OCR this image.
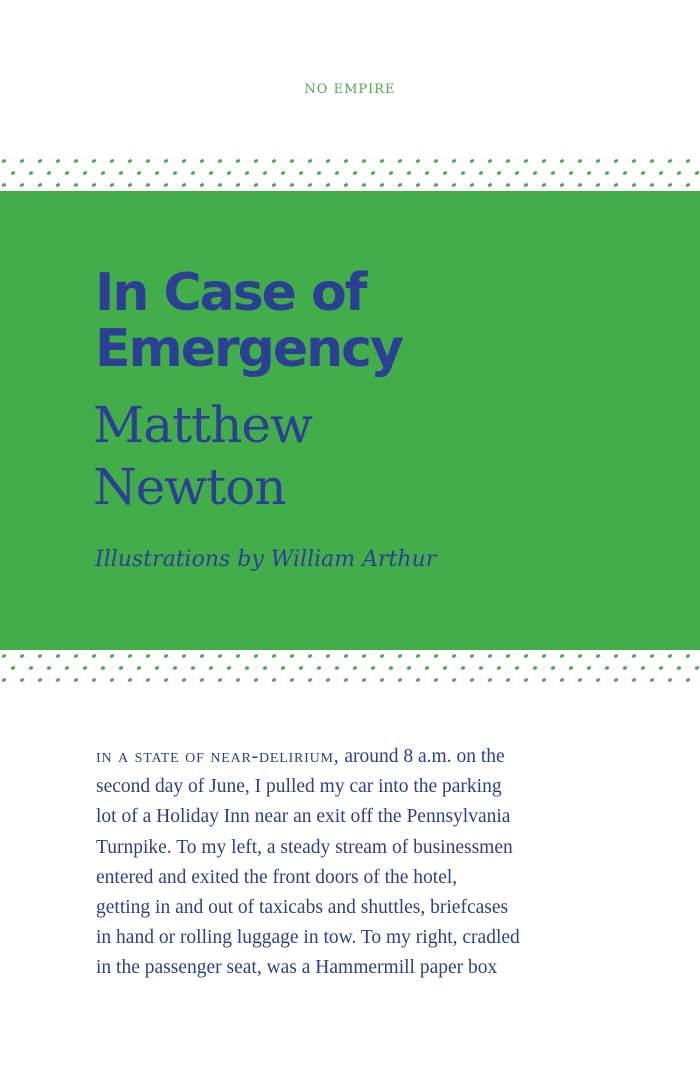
NO EMPIRE
In Case of
Emergency
Matthew
Newton
Illustrations by William Arthur

in a state of near-delirium, around 8 a.m. on the
second day of June, I pulled my car into the parking
lot of a Holiday Inn near an exit off the Pennsylvania
Turnpike. To my left, a steady stream of businessmen
entered and exited the front doors of the hotel,
getting in and out of taxicabs and shuttles, briefcases
in hand or rolling luggage in tow. To my right, cradled
in the passenger seat, was a Hammermill paper box
